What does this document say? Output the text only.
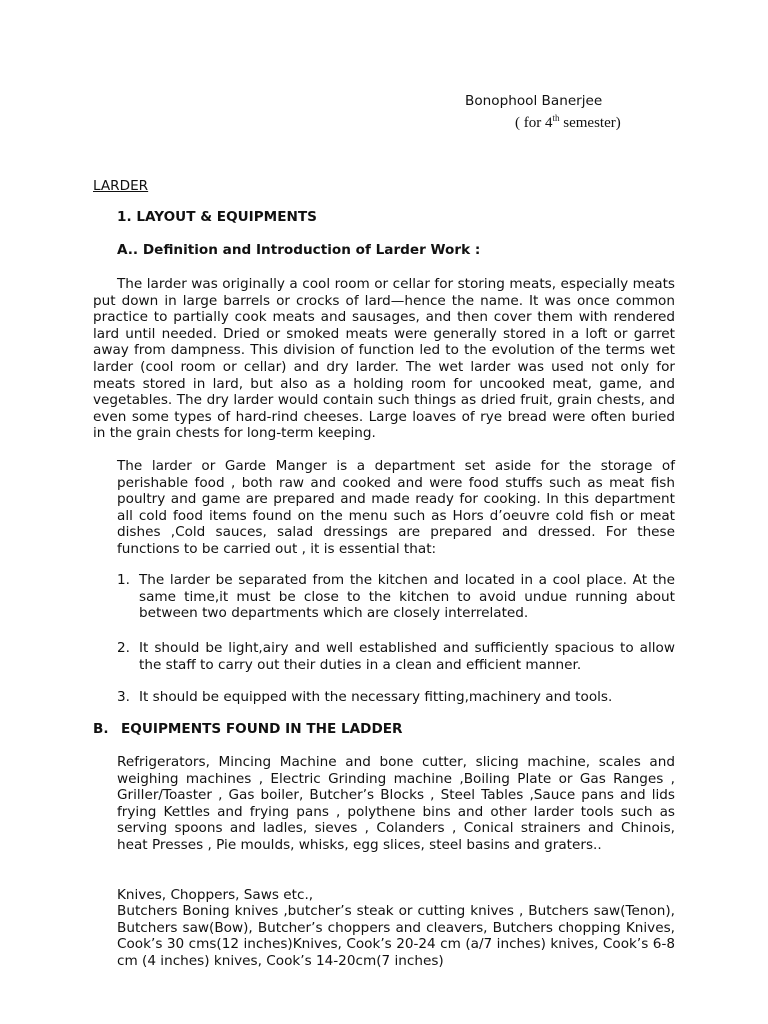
Bonophool Banerjee
( for 4th semester)
LARDER
1. LAYOUT & EQUIPMENTS
A.. Definition and Introduction of Larder Work :
The larder was originally a cool room or cellar for storing meats, especially meats put down in large barrels or crocks of lard—hence the name. It was once common practice to partially cook meats and sausages, and then cover them with rendered lard until needed. Dried or smoked meats were generally stored in a loft or garret away from dampness. This division of function led to the evolution of the terms wet larder (cool room or cellar) and dry larder. The wet larder was used not only for meats stored in lard, but also as a holding room for uncooked meat, game, and vegetables. The dry larder would contain such things as dried fruit, grain chests, and even some types of hard-rind cheeses. Large loaves of rye bread were often buried in the grain chests for long-term keeping.
The larder or Garde Manger is a department set aside for the storage of perishable food , both raw and cooked and were food stuffs such as meat fish poultry and game are prepared and made ready for cooking. In this department all cold food items found on the menu such as Hors d’oeuvre cold fish or meat dishes ,Cold sauces, salad dressings are prepared and dressed. For these functions to be carried out , it is essential that:
1. The larder be separated from the kitchen and located in a cool place. At the same time,it must be close to the kitchen to avoid undue running about between two departments which are closely interrelated.
2. It should be light,airy and well established and sufficiently spacious to allow the staff to carry out their duties in a clean and efficient manner.
3. It should be equipped with the necessary fitting,machinery and tools.
B. EQUIPMENTS FOUND IN THE LADDER
Refrigerators, Mincing Machine and bone cutter, slicing machine, scales and weighing machines , Electric Grinding machine ,Boiling Plate or Gas Ranges , Griller/Toaster , Gas boiler, Butcher’s Blocks , Steel Tables ,Sauce pans and lids frying Kettles and frying pans , polythene bins and other larder tools such as serving spoons and ladles, sieves , Colanders , Conical strainers and Chinois, heat Presses , Pie moulds, whisks, egg slices, steel basins and graters..
Knives, Choppers, Saws etc.,
Butchers Boning knives ,butcher’s steak or cutting knives , Butchers saw(Tenon), Butchers saw(Bow), Butcher’s choppers and cleavers, Butchers chopping Knives, Cook’s 30 cms(12 inches)Knives, Cook’s 20-24 cm (a/7 inches) knives, Cook’s 6-8 cm (4 inches) knives, Cook’s 14-20cm(7 inches)
